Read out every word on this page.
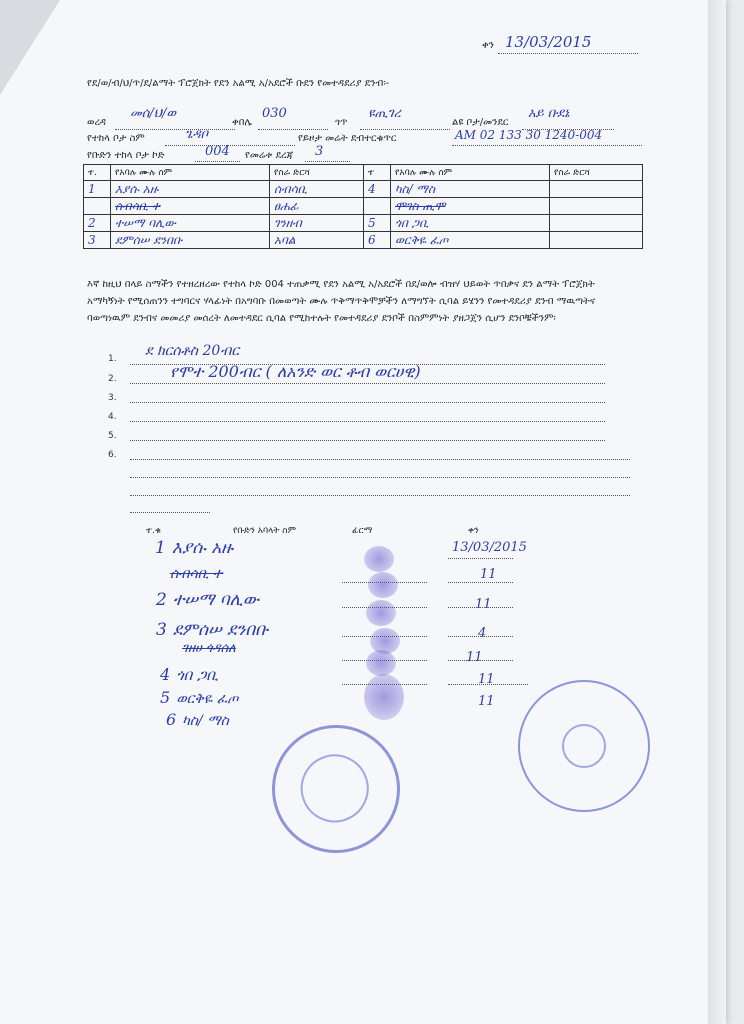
ቀን 13/03/2015
የደ/ወ/ብ/ህ/ጥ/ደ/ልማት ፕሮጀክት የደን አልሚ አ/አደሮች ቡደን የመተዳደሪያ ደንብ፡-
ወረዳ
መሰ/ህ/ወ
ቀበሌ
030
ጎጥ
ዩጢገረ
ልዩ ቦታ/መንደር
አይ ቡደኔ
የተከላ ቦታ ስም	ጌዳቦ	የይዞታ መሬት ደብተርቁጥር	AM 02 133 30 1240-004
የቡድን ተከላ ቦታ ኮድ	004 የመሬቱ ደረጃ 3
ተ.	የአባሉ ሙሉ ስም	የስራ ድርሻ	ተ	የአባሉ ሙሉ ስም	የስራ ድርሻ
1	እያሱ አዙ	ሰብሳቢ	4	ካስ/ ማስ	
	ሰብሳቢ ተ	ፀሐፊ		ሞገስ ጢሞ	
2	ተሠማ ባሊው	ገንዘብ	5	ጎበ ጋቢ	
3	ደምሰሠ ደንበቡ	አባል	6	ወርቅዬ ፈጦ	
እኛ ከዚህ በላይ ስማችን የተዘረዘረው የተከላ ኮድ 004 ተጠቃሚ የደን አልሚ አ/አደሮች በደ/ወሎ ብዝሃ ህይወት ጥበቃና ደን ልማት ፕሮጀክት አማካኝነት የሚሰጠንን ተግባርና ሃላፊነት በአግባቡ በመወጣት ሙሉ ጥቅማጥቅሞቻችን ለማግኘት ሲባል ይሄንን የመተዳደሪያ ደንብ ማዉጣትና ባወጣነዉም ደንብና መመሪያ መሰረት ለመተዳደር ሲባል የሚከተሉት የመተዳደሪያ ደንቦች በስምምነት ያዘጋጀን ሲሆን ደንቦቹችንም፡
1.
2.
3.
4.
5.
6.
ደ ክርሰቶስ 20ብር
የሞተ 200ብር ( ለአንድ ወር ቶብ ወርሀዊ)
ተ.ቁ	የቡድን አባላት ስም	ፊርማ	ቀን
1 እያሱ አዙ	13/03/2015
ሰብሳቢ ተ	11
2 ተሠማ ባሊው	11
3 ደምሰሠ ደንበቡ	4
ገዘሀ ጎዳሰለ
11
4 ጎበ ጋቢ	11
5 ወርቅዬ ፈጦ	11
6 ካስ/ ማስ
